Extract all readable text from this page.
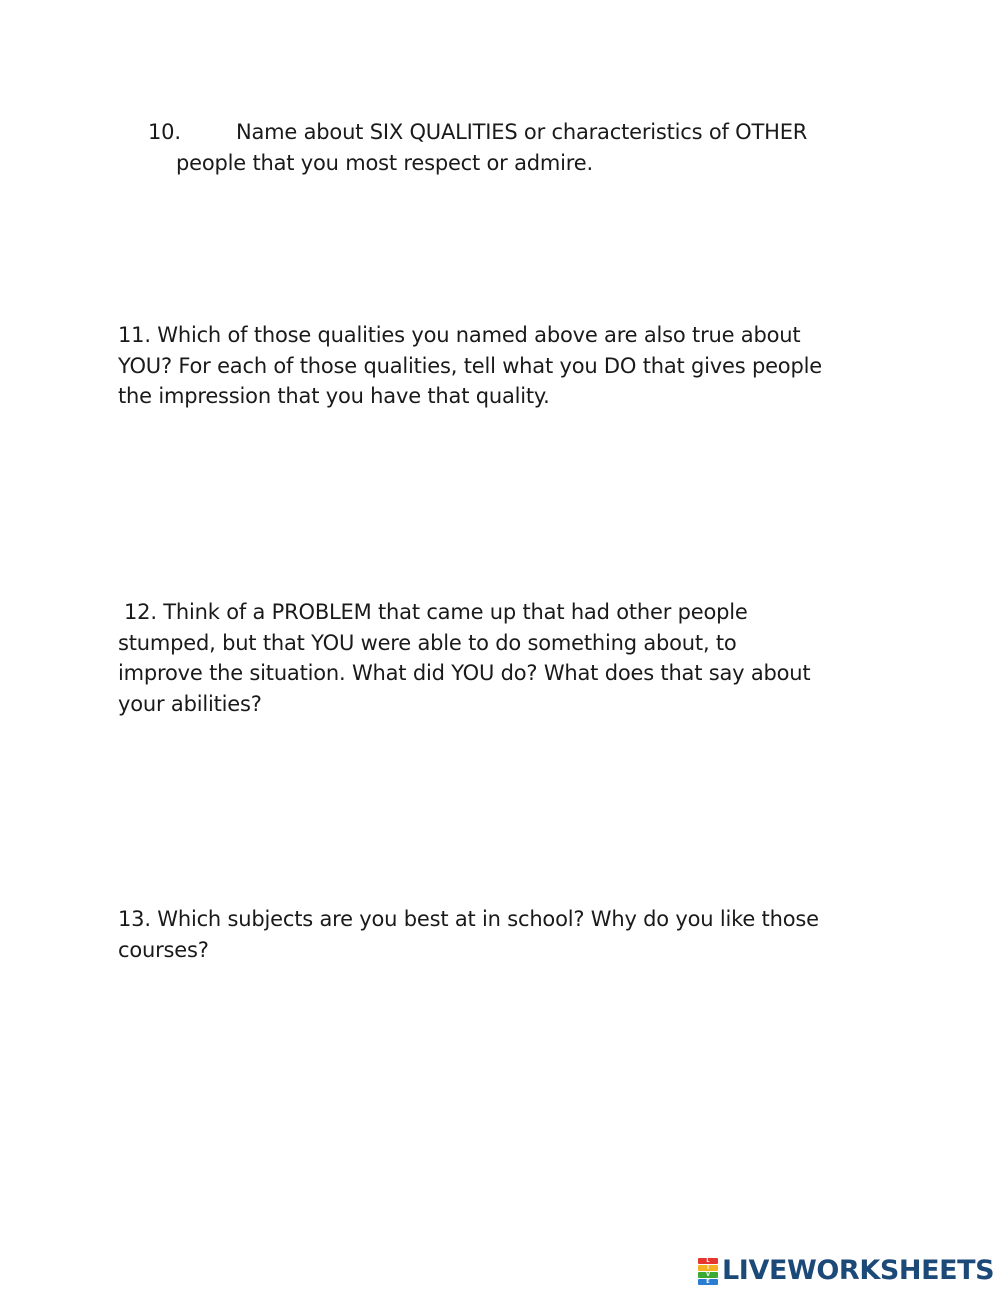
10.	Name about SIX QUALITIES or characteristics of OTHER
people that you most respect or admire.
11. Which of those qualities you named above are also true about
YOU? For each of those qualities, tell what you DO that gives people
the impression that you have that quality.
12. Think of a PROBLEM that came up that had other people
stumped, but that YOU were able to do something about, to
improve the situation. What did YOU do? What does that say about
your abilities?
13. Which subjects are you best at in school? Why do you like those
courses?
L
I
V
E LIVEWORKSHEETS
